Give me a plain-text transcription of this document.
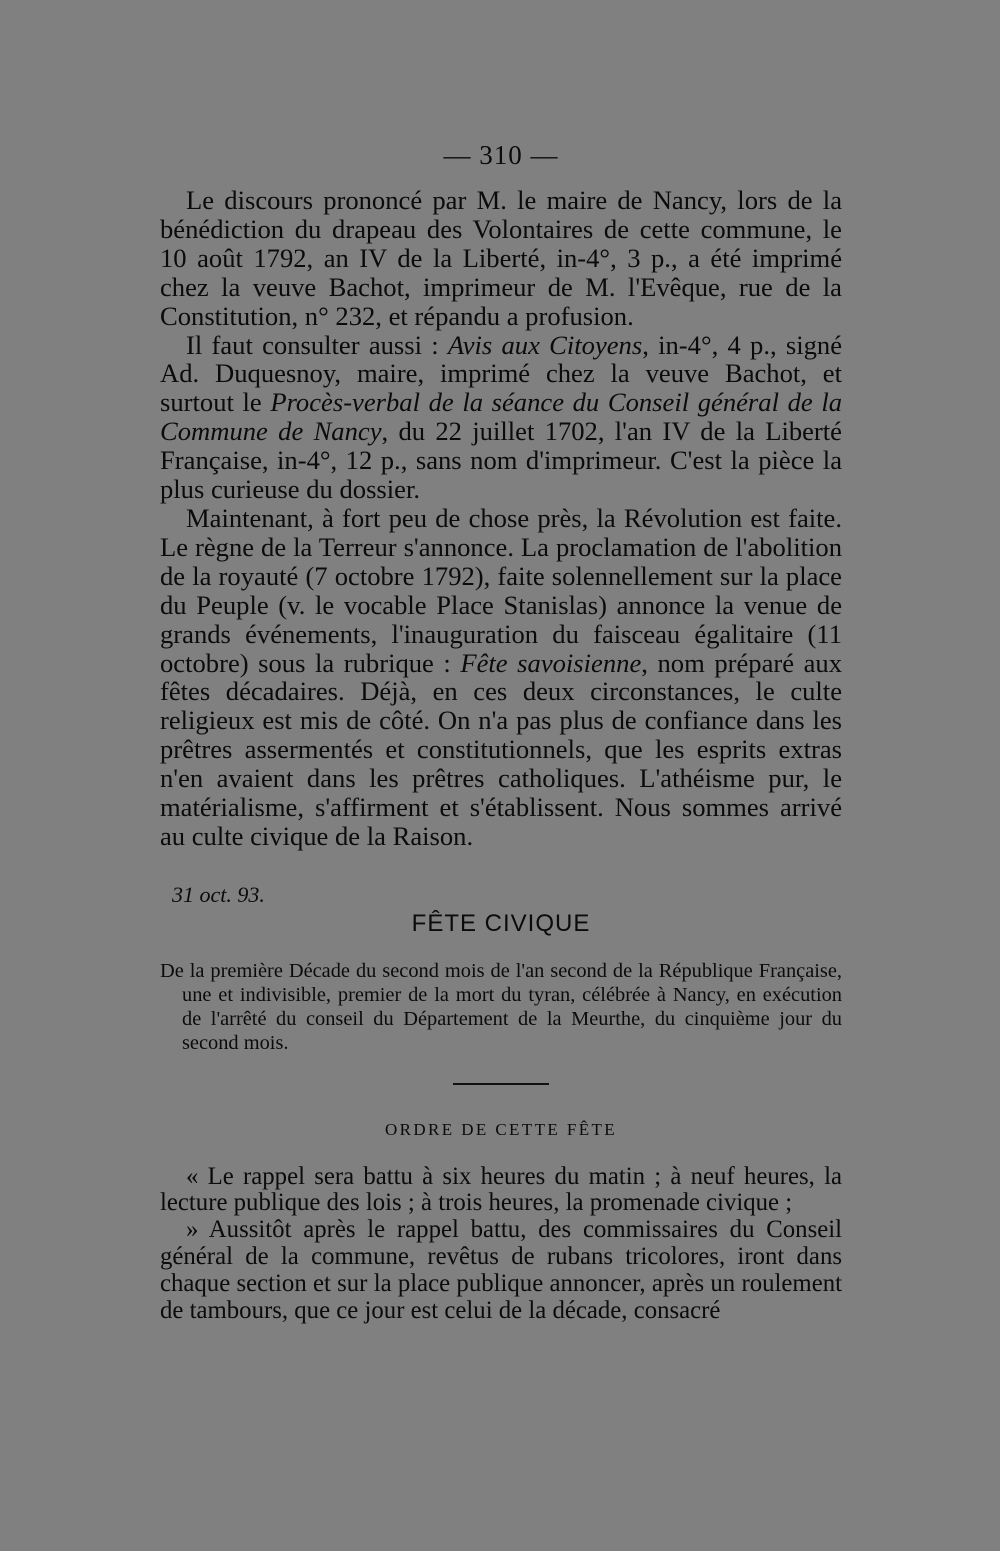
— 310 —

Le discours prononcé par M. le maire de Nancy, lors de la bénédiction du drapeau des Volontaires de cette commune, le 10 août 1792, an IV de la Liberté, in-4°, 3 p., a été imprimé chez la veuve Bachot, imprimeur de M. l'Evêque, rue de la Constitution, n° 232, et répandu a profusion.

Il faut consulter aussi : Avis aux Citoyens, in-4°, 4 p., signé Ad. Duquesnoy, maire, imprimé chez la veuve Bachot, et surtout le Procès-verbal de la séance du Conseil général de la Commune de Nancy, du 22 juillet 1702, l'an IV de la Liberté Française, in-4°, 12 p., sans nom d'imprimeur. C'est la pièce la plus curieuse du dossier.

Maintenant, à fort peu de chose près, la Révolution est faite. Le règne de la Terreur s'annonce. La proclamation de l'abolition de la royauté (7 octobre 1792), faite solennellement sur la place du Peuple (v. le vocable Place Stanislas) annonce la venue de grands événements, l'inauguration du faisceau égalitaire (11 octobre) sous la rubrique : Fête savoisienne, nom préparé aux fêtes décadaires. Déjà, en ces deux circonstances, le culte religieux est mis de côté. On n'a pas plus de confiance dans les prêtres assermentés et constitutionnels, que les esprits extras n'en avaient dans les prêtres catholiques. L'athéisme pur, le matérialisme, s'affirment et s'établissent. Nous sommes arrivé au culte civique de la Raison.

31 oct. 93.
FÊTE CIVIQUE

De la première Décade du second mois de l'an second de la République Française, une et indivisible, premier de la mort du tyran, célébrée à Nancy, en exécution de l'arrêté du conseil du Département de la Meurthe, du cinquième jour du second mois.

ORDRE DE CETTE FÊTE

« Le rappel sera battu à six heures du matin ; à neuf heures, la lecture publique des lois ; à trois heures, la promenade civique ;

» Aussitôt après le rappel battu, des commissaires du Conseil général de la commune, revêtus de rubans tricolores, iront dans chaque section et sur la place publique annoncer, après un roulement de tambours, que ce jour est celui de la décade, consacré
